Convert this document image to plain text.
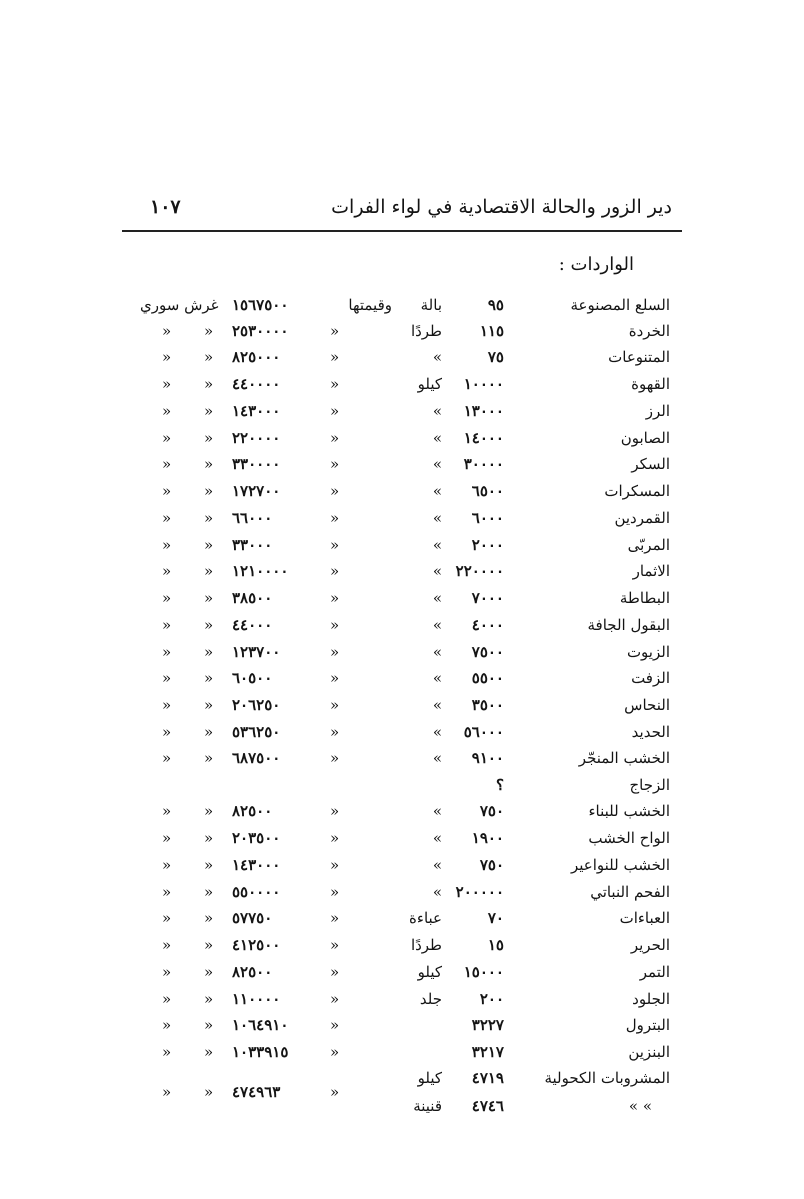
دير الزور والحالة الاقتصادية في لواء الفرات
١٠٧
الواردات :
السلع المصنوعة
٩٥
بالة
وقيمتها
١٥٦٧٥٠٠
غرش سوري
الخردة
١١٥
طردًا
»
٢٥٣٠٠٠٠
»
»
المتنوعات
٧٥
»
»
٨٢٥٠٠٠
»
»
القهوة
١٠٠٠٠
كيلو
»
٤٤٠٠٠٠
»
»
الرز
١٣٠٠٠
»
»
١٤٣٠٠٠
»
»
الصابون
١٤٠٠٠
»
»
٢٢٠٠٠٠
»
»
السكر
٣٠٠٠٠
»
»
٣٣٠٠٠٠
»
»
المسكرات
٦٥٠٠
»
»
١٧٢٧٠٠
»
»
القمردين
٦٠٠٠
»
»
٦٦٠٠٠
»
»
المربّى
٢٠٠٠
»
»
٣٣٠٠٠
»
»
الاثمار
٢٢٠٠٠٠
»
»
١٢١٠٠٠٠
»
»
البطاطة
٧٠٠٠
»
»
٣٨٥٠٠
»
»
البقول الجافة
٤٠٠٠
»
»
٤٤٠٠٠
»
»
الزيوت
٧٥٠٠
»
»
١٢٣٧٠٠
»
»
الزفت
٥٥٠٠
»
»
٦٠٥٠٠
»
»
النحاس
٣٥٠٠
»
»
٢٠٦٢٥٠
»
»
الحديد
٥٦٠٠٠
»
»
٥٣٦٢٥٠
»
»
الخشب المنجّر
٩١٠٠
»
»
٦٨٧٥٠٠
»
»
الزجاج
؟
الخشب للبناء
٧٥٠
»
»
٨٢٥٠٠
»
»
الواح الخشب
١٩٠٠
»
»
٢٠٣٥٠٠
»
»
الخشب للنواعير
٧٥٠
»
»
١٤٣٠٠٠
»
»
الفحم النباتي
٢٠٠٠٠٠
»
»
٥٥٠٠٠٠
»
»
العباءات
٧٠
عباءة
»
٥٧٧٥٠
»
»
الحرير
١٥
طردًا
»
٤١٢٥٠٠
»
»
التمر
١٥٠٠٠
كيلو
»
٨٢٥٠٠
»
»
الجلود
٢٠٠
جلد
»
١١٠٠٠٠
»
»
البترول
٣٢٢٧
»
١٠٦٤٩١٠
»
»
البنزين
٣٢١٧
»
١٠٣٣٩١٥
»
»
المشروبات الكحولية
٤٧١٩
كيلو
»
٤٧٤٩٦٣
»
»
» »
٤٧٤٦
قنينة
